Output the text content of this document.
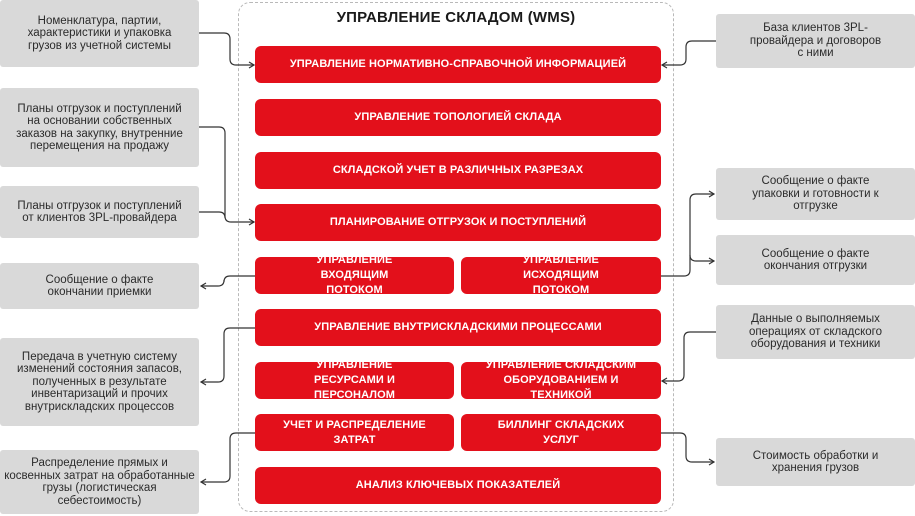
УПРАВЛЕНИЕ СКЛАДОМ (WMS)
УПРАВЛЕНИЕ НОРМАТИВНО-СПРАВОЧНОЙ ИНФОРМАЦИЕЙ
УПРАВЛЕНИЕ ТОПОЛОГИЕЙ СКЛАДА
СКЛАДСКОЙ УЧЕТ В РАЗЛИЧНЫХ РАЗРЕЗАХ
ПЛАНИРОВАНИЕ ОТГРУЗОК И ПОСТУПЛЕНИЙ
УПРАВЛЕНИЕ ВХОДЯЩИМ ПОТОКОМ
УПРАВЛЕНИЕ ИСХОДЯЩИМ ПОТОКОМ
УПРАВЛЕНИЕ ВНУТРИСКЛАДСКИМИ ПРОЦЕССАМИ
УПРАВЛЕНИЕ РЕСУРСАМИ И ПЕРСОНАЛОМ
УПРАВЛЕНИЕ СКЛАДСКИМ ОБОРУДОВАНИЕМ И ТЕХНИКОЙ
УЧЕТ И РАСПРЕДЕЛЕНИЕ ЗАТРАТ
БИЛЛИНГ СКЛАДСКИХ УСЛУГ
АНАЛИЗ КЛЮЧЕВЫХ ПОКАЗАТЕЛЕЙ
Номенклатура, партии, характеристики и упаковка грузов из учетной системы
Планы отгрузок и поступлений на основании собственных заказов на закупку, внутренние перемещения на продажу
Планы отгрузок и поступлений от клиентов 3PL-провайдера
Сообщение о факте окончании приемки
Передача в учетную систему изменений состояния запасов, полученных в результате инвентаризаций и прочих внутрискладских процессов
Распределение прямых и косвенных затрат на обработанные грузы (логистическая себестоимость)
База клиентов 3PL-провайдера и договоров с ними
Сообщение о факте упаковки и готовности к отгрузке
Сообщение о факте окончания отгрузки
Данные о выполняемых операциях от складского оборудования и техники
Стоимость обработки и хранения грузов
